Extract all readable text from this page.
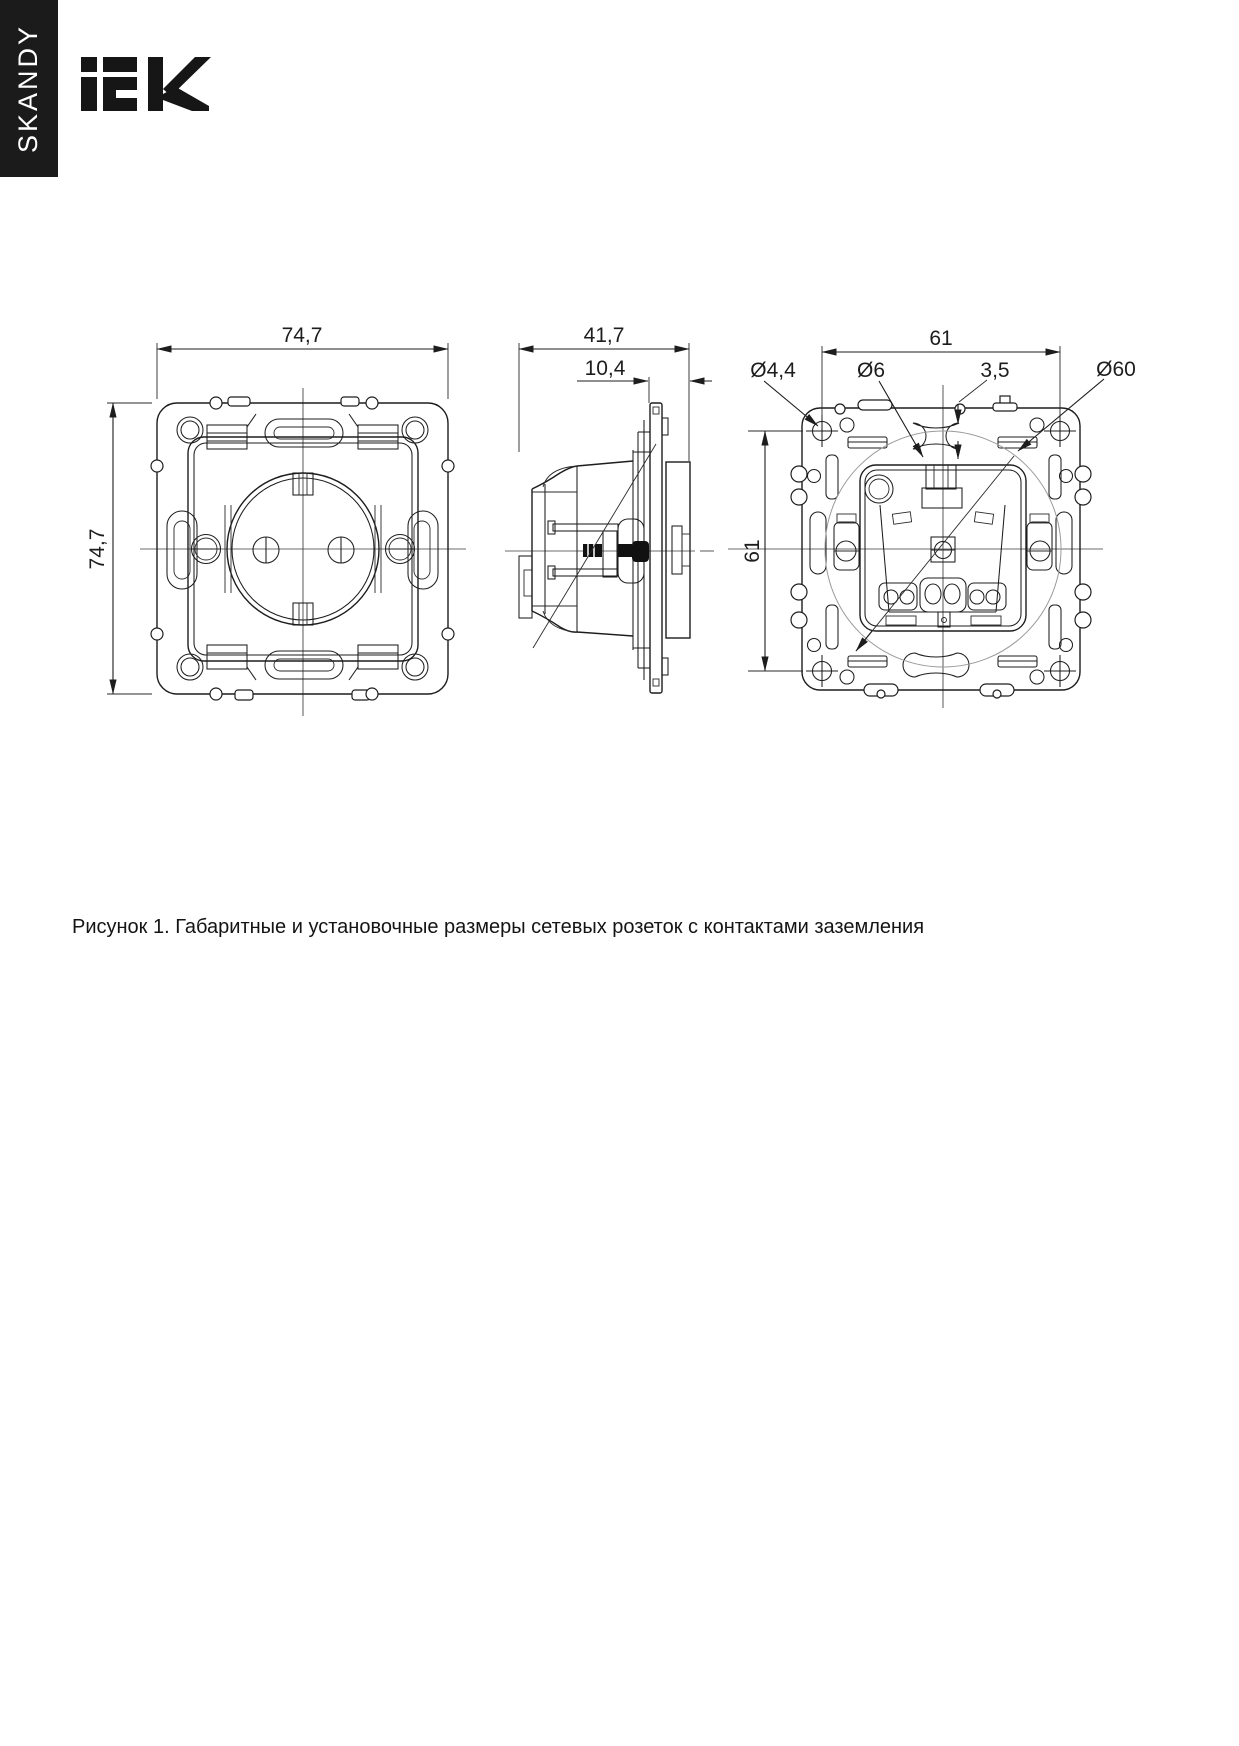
SKANDY
74,7
74,7
41,7
10,4
61
61
Ø4,4	Ø6	3,5	Ø60
Рисунок 1. Габаритные и установочные размеры сетевых розеток с контактами заземления
